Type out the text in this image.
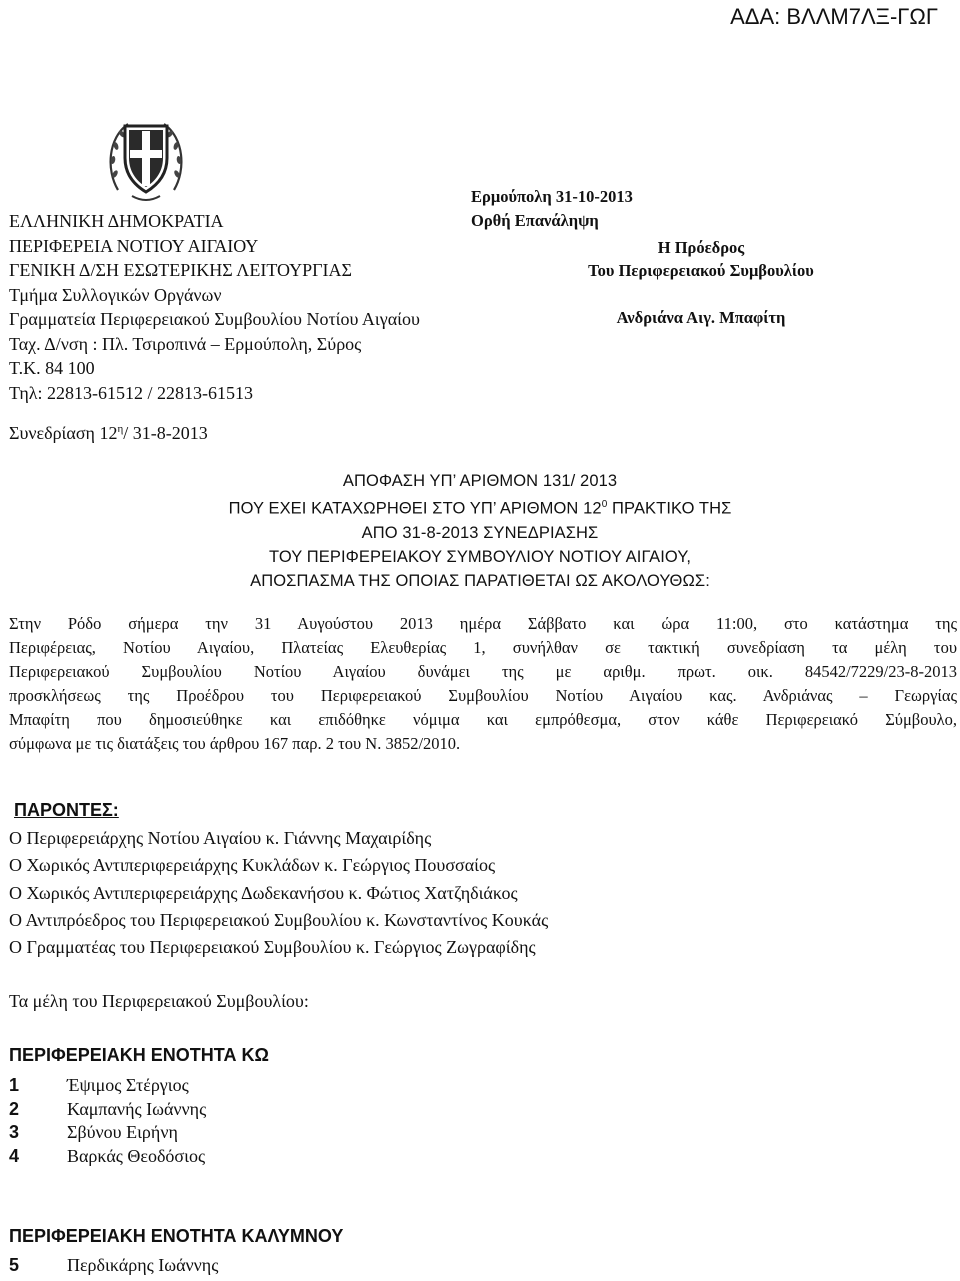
ΑΔΑ: ΒΛΛΜ7ΛΞ-ΓΩΓ
ΕΛΛΗΝΙΚΗ ΔΗΜΟΚΡΑΤΙΑ
ΠΕΡΙΦΕΡΕΙΑ ΝΟΤΙΟΥ ΑΙΓΑΙΟΥ
ΓΕΝΙΚΗ Δ/ΣΗ ΕΣΩΤΕΡΙΚΗΣ ΛΕΙΤΟΥΡΓΙΑΣ
Τμήμα Συλλογικών Οργάνων
Γραμματεία Περιφερειακού Συμβουλίου Νοτίου Αιγαίου
Ταχ. Δ/νση : Πλ. Τσιροπινά – Ερμούπολη, Σύρος
Τ.Κ. 84 100
Τηλ: 22813-61512 / 22813-61513
Ερμούπολη 31-10-2013
Ορθή Επανάληψη
Η Πρόεδρος
Του Περιφερειακού Συμβουλίου
Ανδριάνα Αιγ. Μπαφίτη
Συνεδρίαση $12^\eta/$ 31-8-2013
ΑΠΟΦΑΣΗ ΥΠ’ ΑΡΙΘΜΟΝ 131/ 2013
ΠΟΥ ΕΧΕΙ ΚΑΤΑΧΩΡΗΘΕΙ ΣΤΟ ΥΠ’ ΑΡΙΘΜΟΝ $12^0$ ΠΡΑΚΤΙΚΟ ΤΗΣ
ΑΠΟ 31-8-2013 ΣΥΝΕΔΡΙΑΣΗΣ
ΤΟΥ ΠΕΡΙΦΕΡΕΙΑΚΟΥ ΣΥΜΒΟΥΛΙΟΥ ΝΟΤΙΟΥ ΑΙΓΑΙΟΥ,
ΑΠΟΣΠΑΣΜΑ ΤΗΣ ΟΠΟΙΑΣ ΠΑΡΑΤΙΘΕΤΑΙ ΩΣ ΑΚΟΛΟΥΘΩΣ:
Στην Ρόδο σήμερα την 31 Αυγούστου 2013 ημέρα Σάββατο και ώρα 11:00, στο κατάστημα της
Περιφέρειας, Νοτίου Αιγαίου, Πλατείας Ελευθερίας 1, συνήλθαν σε τακτική συνεδρίαση τα μέλη του
Περιφερειακού Συμβουλίου Νοτίου Αιγαίου δυνάμει της με αριθμ. πρωτ. οικ. 84542/7229/23-8-2013
προσκλήσεως της Προέδρου του Περιφερειακού Συμβουλίου Νοτίου Αιγαίου κας. Ανδριάνας – Γεωργίας
Μπαφίτη που δημοσιεύθηκε και επιδόθηκε νόμιμα και εμπρόθεσμα, στον κάθε Περιφερειακό Σύμβουλο,
σύμφωνα με τις διατάξεις του άρθρου 167 παρ. 2 του Ν. 3852/2010.
ΠΑΡΟΝΤΕΣ:
Ο Περιφερειάρχης Νοτίου Αιγαίου κ. Γιάννης Μαχαιρίδης
Ο Χωρικός Αντιπεριφερειάρχης Κυκλάδων κ. Γεώργιος Πουσσαίος
Ο Χωρικός Αντιπεριφερειάρχης Δωδεκανήσου κ. Φώτιος Χατζηδιάκος
Ο Αντιπρόεδρος του Περιφερειακού Συμβουλίου κ. Κωνσταντίνος Κουκάς
Ο Γραμματέας του Περιφερειακού Συμβουλίου κ. Γεώργιος Ζωγραφίδης
Τα μέλη του Περιφερειακού Συμβουλίου:
ΠΕΡΙΦΕΡΕΙΑΚΗ ΕΝΟΤΗΤΑ ΚΩ
1	Έψιμος Στέργιος
2	Καμπανής Ιωάννης
3	Σβύνου Ειρήνη
4	Βαρκάς Θεοδόσιος
ΠΕΡΙΦΕΡΕΙΑΚΗ ΕΝΟΤΗΤΑ ΚΑΛΥΜΝΟΥ
5	Περδικάρης Ιωάννης
